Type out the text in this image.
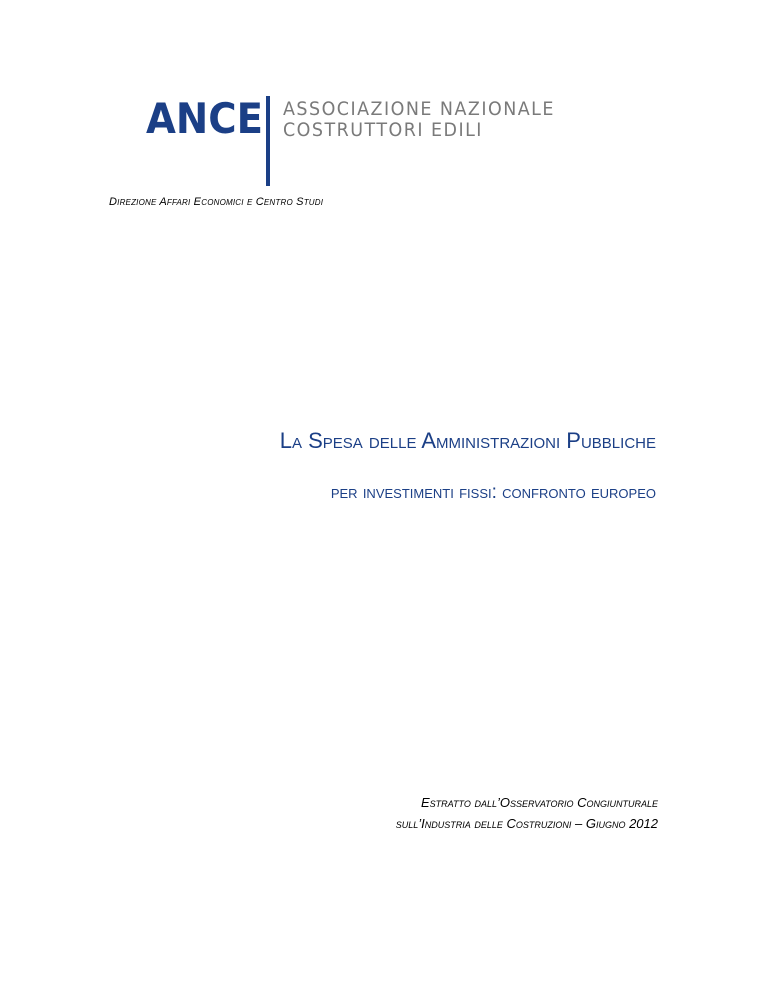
ANCE ASSOCIAZIONE NAZIONALE
COSTRUTTORI EDILI
Direzione Affari Economici e Centro Studi
La Spesa delle Amministrazioni Pubbliche
per investimenti fissi: confronto europeo
Estratto dall’Osservatorio Congiunturale
sull’Industria delle Costruzioni – Giugno 2012
